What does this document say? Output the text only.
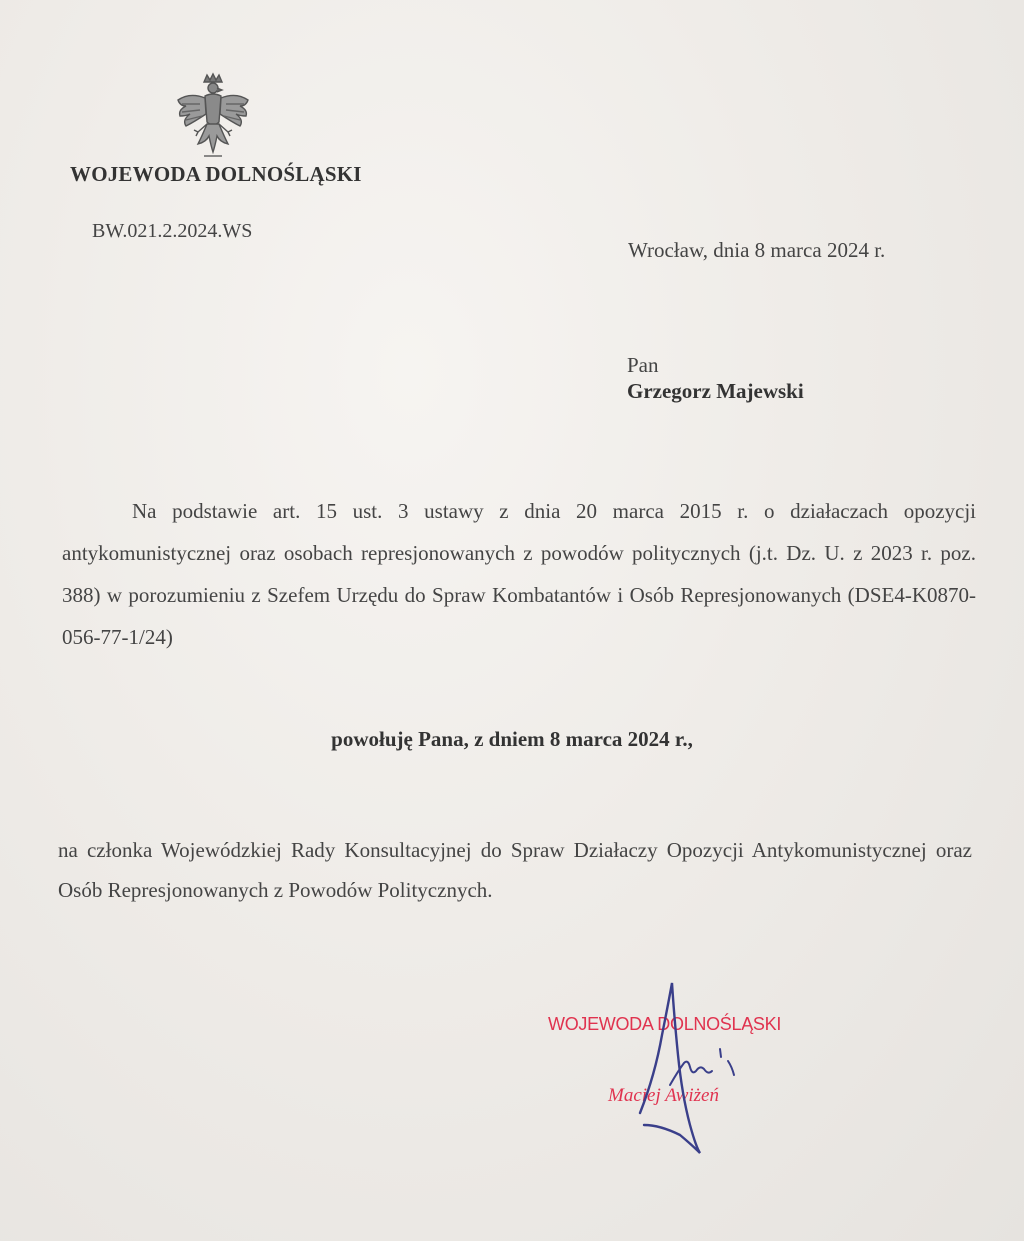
WOJEWODA DOLNOŚLĄSKI
BW.021.2.2024.WS
Wrocław, dnia 8 marca 2024 r.
Pan
Grzegorz Majewski
Na podstawie art. 15 ust. 3 ustawy z dnia 20 marca 2015 r. o działaczach opozycji antykomunistycznej oraz osobach represjonowanych z powodów politycznych (j.t. Dz. U. z 2023 r. poz. 388) w porozumieniu z Szefem Urzędu do Spraw Kombatantów i Osób Represjonowanych (DSE4-K0870-056-77-1/24)
powołuję Pana, z dniem 8 marca 2024 r.,
na członka Wojewódzkiej Rady Konsultacyjnej do Spraw Działaczy Opozycji Antykomunistycznej oraz Osób Represjonowanych z Powodów Politycznych.
WOJEWODA DOLNOŚLĄSKI
Maciej Awiżeń
